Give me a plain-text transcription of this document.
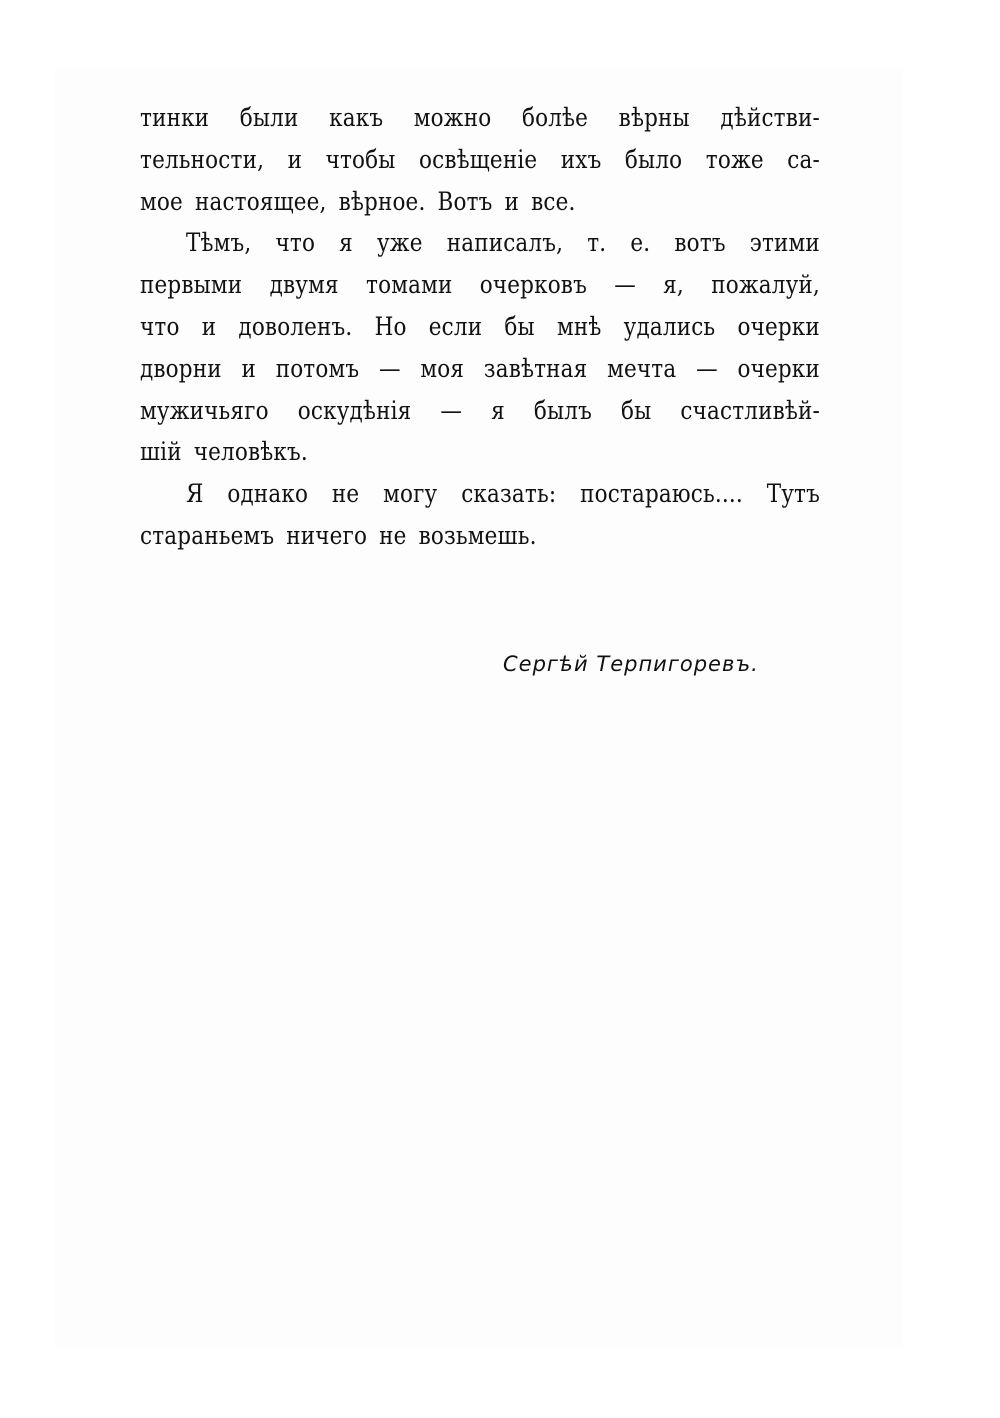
тинки были какъ можно болѣе вѣрны дѣйстви-
тельности, и чтобы освѣщеніе ихъ было тоже са-
мое настоящее, вѣрное. Вотъ и все.
Тѣмъ, что я уже написалъ, т. е. вотъ этими
первыми двумя томами очерковъ — я, пожалуй,
что и доволенъ. Но если бы мнѣ удались очерки
дворни и потомъ — моя завѣтная мечта — очерки
мужичьяго оскудѣнія — я былъ бы счастливѣй-
шій человѣкъ.
Я однако не могу сказать: постараюсь.... Тутъ
стараньемъ ничего не возьмешь.
Сергѣй Терпигоревъ.
